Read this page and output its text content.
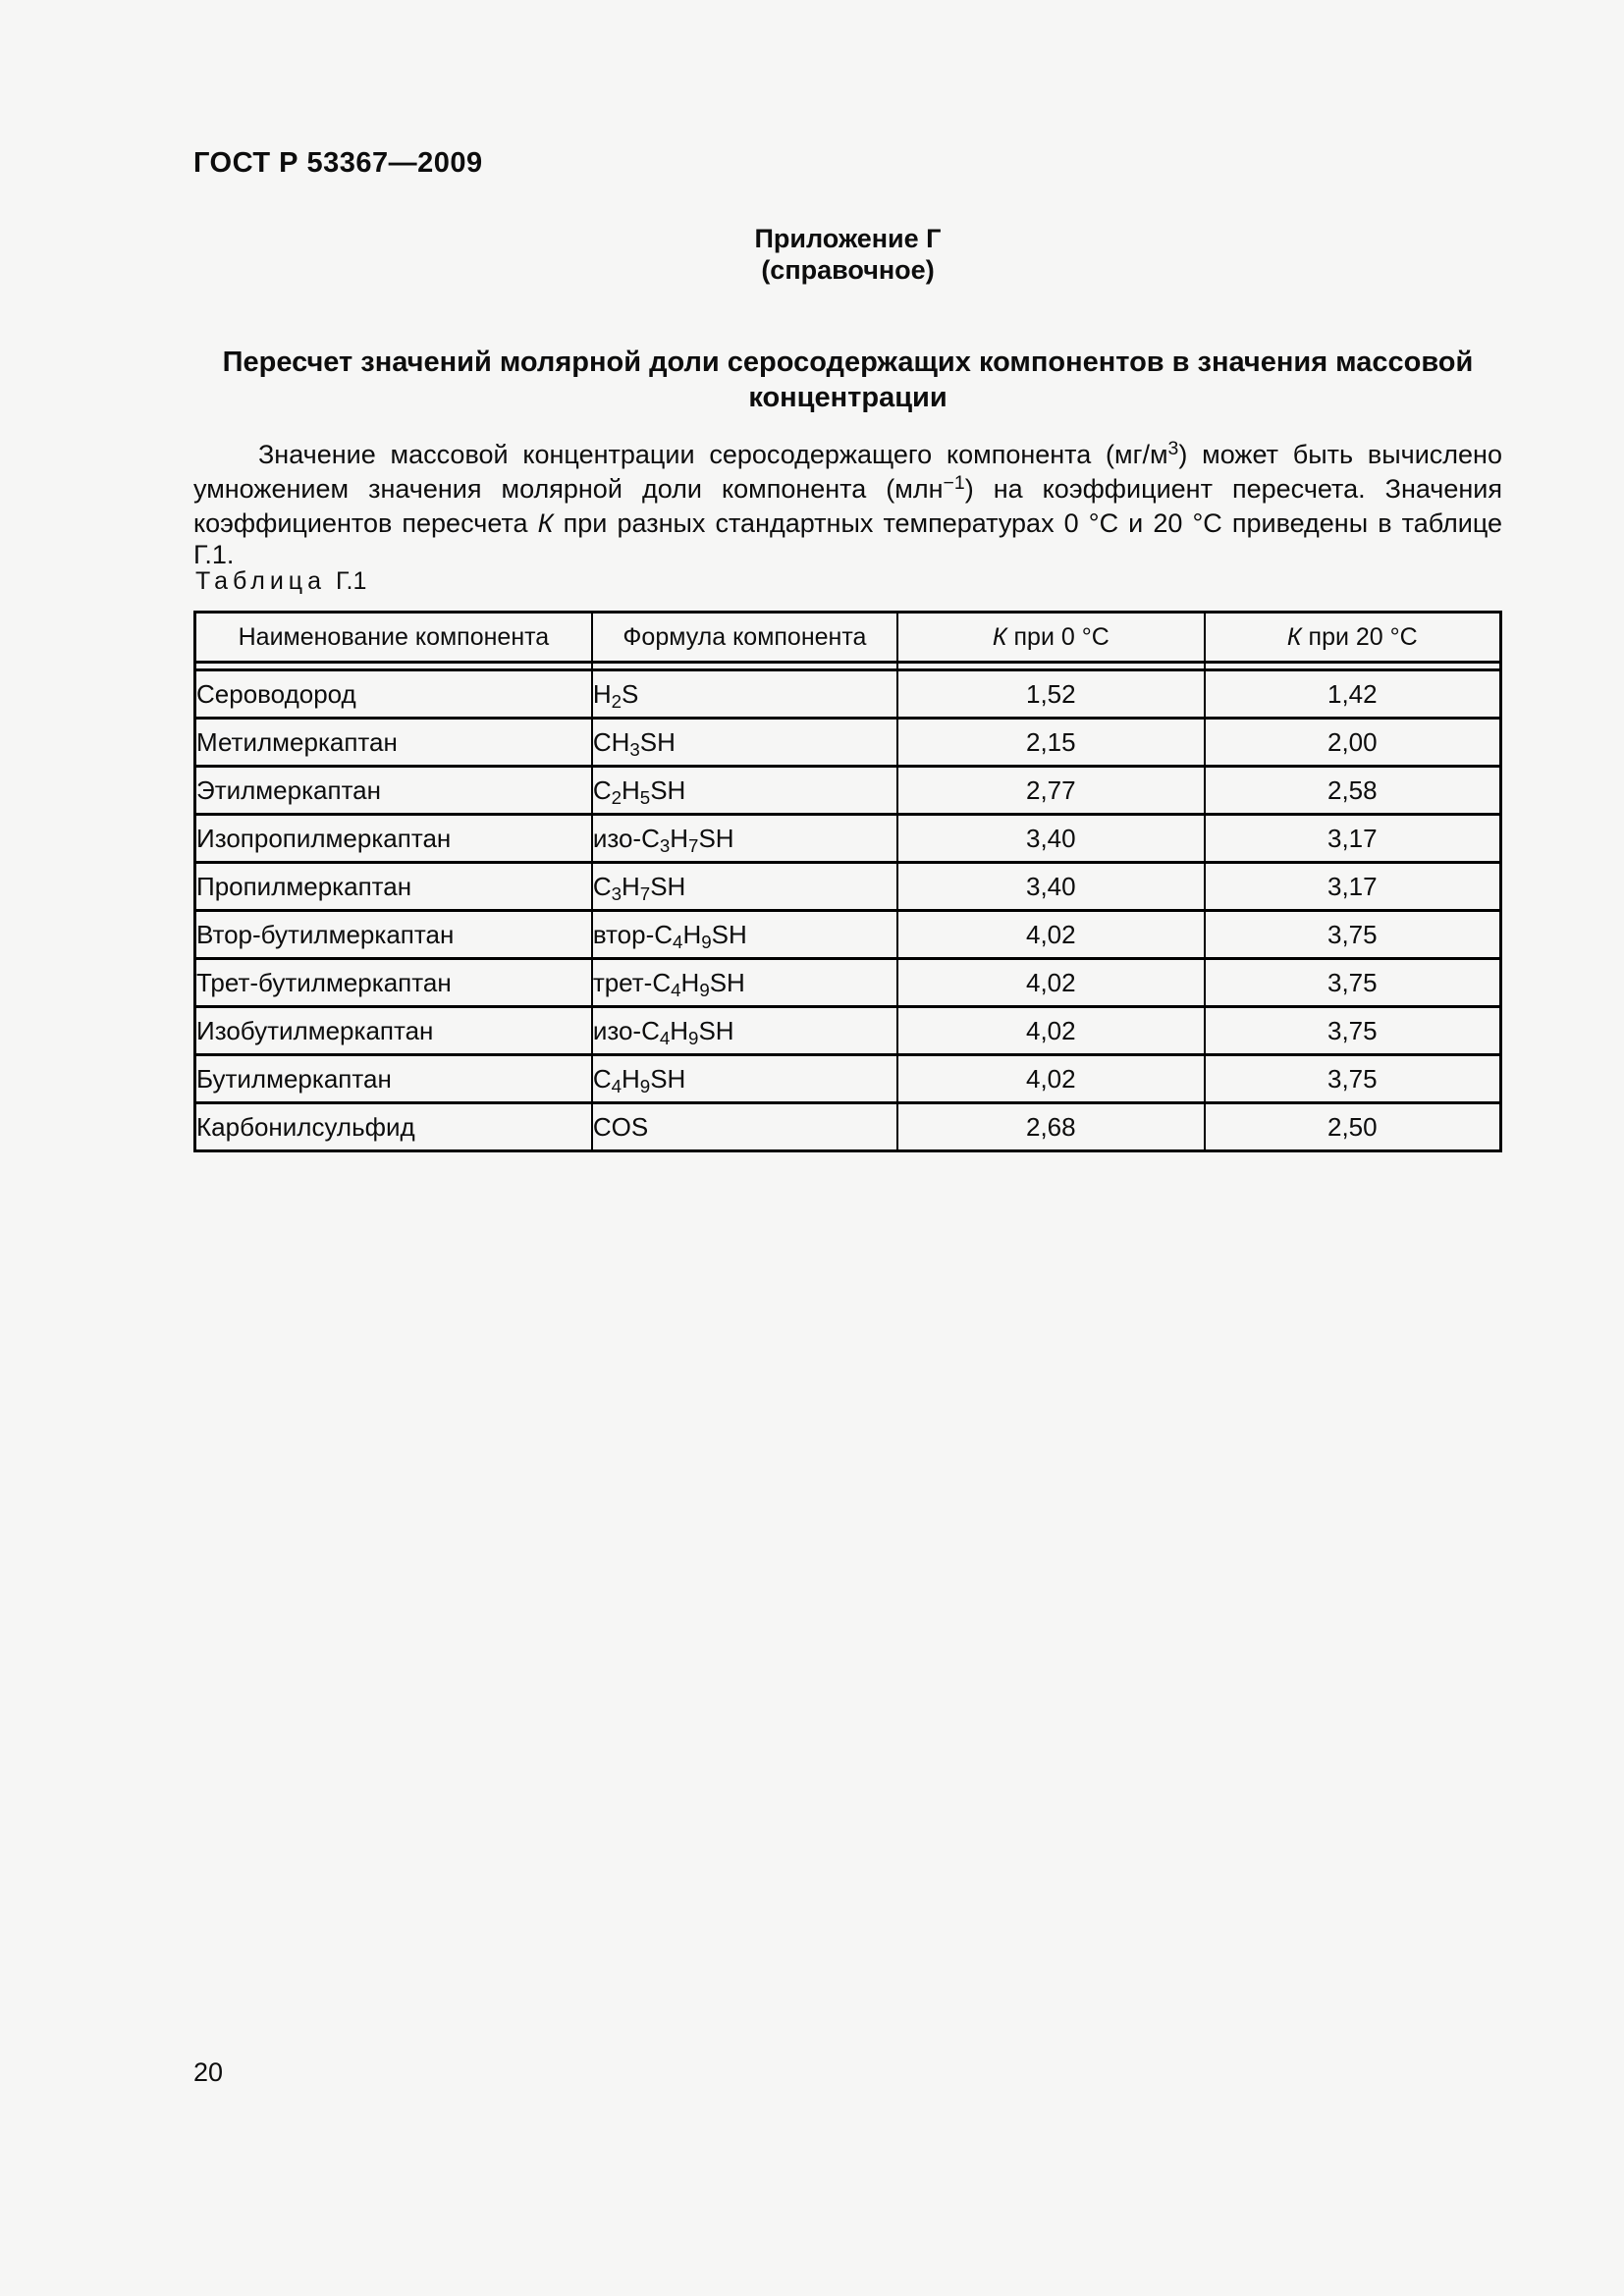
ГОСТ Р 53367—2009
Приложение Г
(справочное)
Пересчет значений молярной доли серосодержащих компонентов в значения массовой концентрации

Значение массовой концентрации серосодержащего компонента $(мг/м^3)$ может быть вычислено умножением значения молярной доли компонента (млн$^{-1}$) на коэффициент пересчета. Значения коэффициентов пересчета К при разных стандартных температурах 0 °С и 20 °С приведены в таблице Г.1.

Таблица Г.1
Наименование компонента	Формула компонента	К при 0 °С	К при 20 °С

Сероводород	$H_2S$	1,52	1,42
Метилмеркаптан	$CH_3SH$	2,15	2,00
Этилмеркаптан	$C_2H_5SH$	2,77	2,58
Изопропилмеркаптан	изо-$C_3H_7SH$	3,40	3,17
Пропилмеркаптан	$C_3H_7SH$	3,40	3,17
Втор-бутилмеркаптан	втор-$C_4H_9SH$	4,02	3,75
Трет-бутилмеркаптан	трет-$C_4H_9SH$	4,02	3,75
Изобутилмеркаптан	изо-$C_4H_9SH$	4,02	3,75
Бутилмеркаптан	$C_4H_9SH$	4,02	3,75
Карбонилсульфид	COS	2,68	2,50
20
